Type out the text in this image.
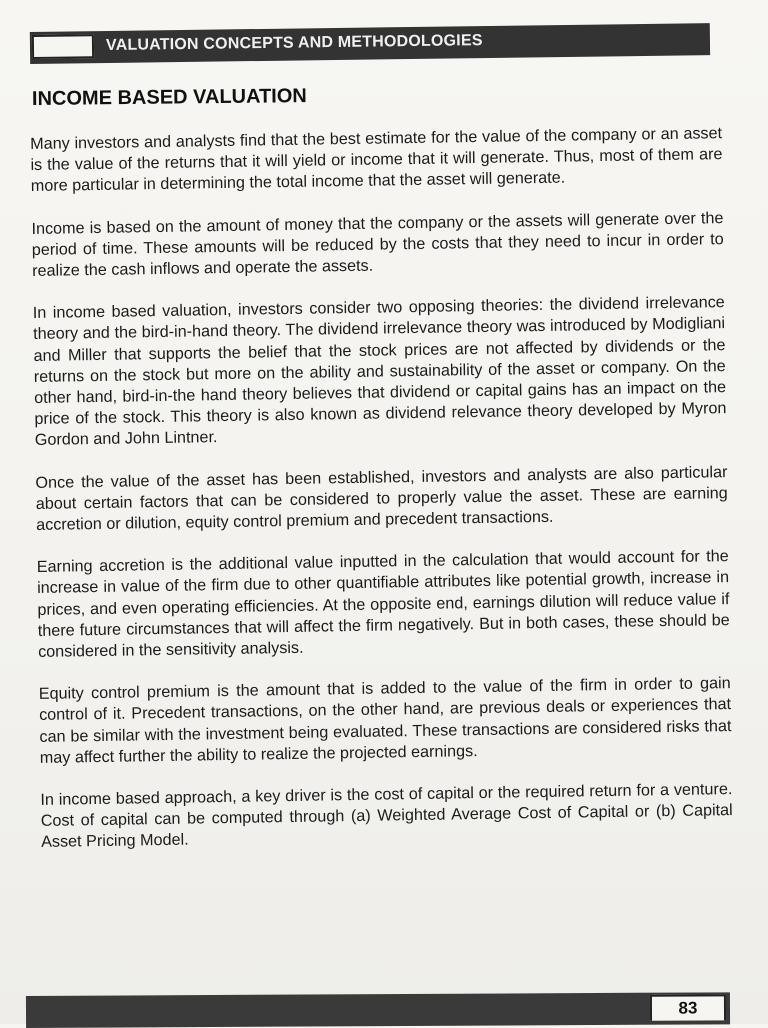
VALUATION CONCEPTS AND METHODOLOGIES
INCOME BASED VALUATION

Many investors and analysts find that the best estimate for the value of the company or an asset is the value of the returns that it will yield or income that it will generate. Thus, most of them are more particular in determining the total income that the asset will generate.

Income is based on the amount of money that the company or the assets will generate over the period of time. These amounts will be reduced by the costs that they need to incur in order to realize the cash inflows and operate the assets.

In income based valuation, investors consider two opposing theories: the dividend irrelevance theory and the bird-in-hand theory. The dividend irrelevance theory was introduced by Modigliani and Miller that supports the belief that the stock prices are not affected by dividends or the returns on the stock but more on the ability and sustainability of the asset or company. On the other hand, bird-in-the hand theory believes that dividend or capital gains has an impact on the price of the stock. This theory is also known as dividend relevance theory developed by Myron Gordon and John Lintner.

Once the value of the asset has been established, investors and analysts are also particular about certain factors that can be considered to properly value the asset. These are earning accretion or dilution, equity control premium and precedent transactions.

Earning accretion is the additional value inputted in the calculation that would account for the increase in value of the firm due to other quantifiable attributes like potential growth, increase in prices, and even operating efficiencies. At the opposite end, earnings dilution will reduce value if there future circumstances that will affect the firm negatively. But in both cases, these should be considered in the sensitivity analysis.

Equity control premium is the amount that is added to the value of the firm in order to gain control of it. Precedent transactions, on the other hand, are previous deals or experiences that can be similar with the investment being evaluated. These transactions are considered risks that may affect further the ability to realize the projected earnings.

In income based approach, a key driver is the cost of capital or the required return for a venture. Cost of capital can be computed through (a) Weighted Average Cost of Capital or (b) Capital Asset Pricing Model.

83
